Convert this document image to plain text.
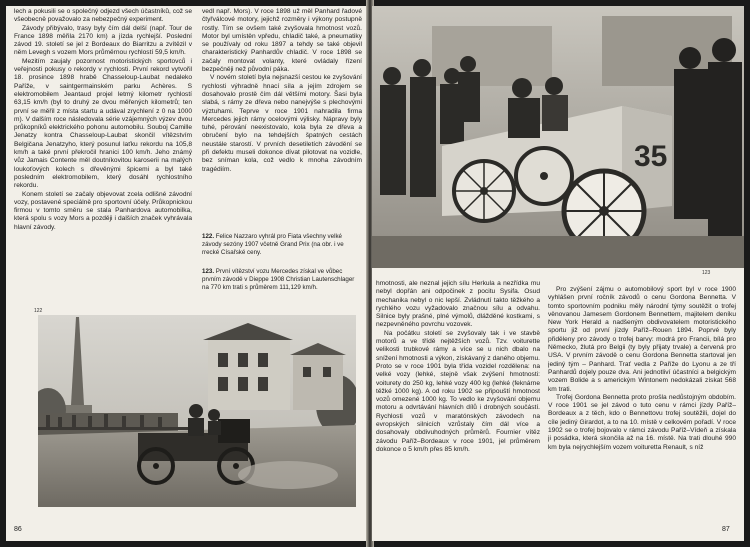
lech a pokusili se o společný odjezd všech účastníků, což se všeobecně považovalo za nebezpečný experiment.

Závody přibývalo, trasy byly čím dál delší (např. Tour de France 1898 měřila 2170 km) a jízda rychlejší. Poslední závod 19. století se jel z Bordeaux do Biarritzu a zvítězil v něm Levegh s vozem Mors průměrnou rychlostí 59,5 km/h.

Mezitím zaujaly pozornost motoristických sportovců i veřejnosti pokusy o rekordy v rychlosti. První rekord vytvořil 18. prosince 1898 hrabě Chasseloup-Laubat nedaleko Paříže, v saintgermainském parku Achères. S elektromobilem Jeantaud projel letmý kilometr rychlostí 63,15 km/h (byl to druhý ze dvou měřených kilometrů; ten první se měřil z místa startu a udával zrychlení z 0 na 1000 m). V dalším roce následovala série vzájemných výzev dvou průkopníků elektrického pohonu automobilu. Souboj Camille Jenatzy kontra Chasseloup-Laubat skončil vítězstvím Belgičana Jenatzyho, který posunul laťku rekordu na 105,8 km/h a také první překročil hranici 100 km/h. Jeho známý vůz Jamais Contente měl doutníkovitou karoserii na malých loukoťových kolech s dřevěnými špicemi a byl také posledním elektromobilem, který dosáhl rychlostního rekordu.

Konem století se začaly objevovat zcela odlišné závodní vozy, postavené speciálně pro sportovní účely. Průkopnickou firmou v tomto směru se stala Panhardova automobilka, která spolu s vozy Mors a později i dalších značek vyhrávala hlavní závody.

vedl např. Mors). V roce 1898 už měl Panhard řadové čtyřválcové motory, jejichž rozměry i výkony postupně rostly. Tím se ovšem také zvyšovala hmotnost vozů. Motor byl umístěn vpředu, chladič také, a pneumatiky se používaly od roku 1897 a tehdy se také objevil charakteristický Panhardův chladič. V roce 1898 se začaly montovat volanty, které ovládaly řízení bezpečněji než původní páka.

V novém století byla nejsnazší cestou ke zvyšování rychlosti výhradně hnací síla a jejím zdrojem se dosahovalo prostě čím dál většími motory. Šasi byla slabá, s rámy ze dřeva nebo nanejvýše s plechovými výztuhami. Teprve v roce 1901 nahradila firma Mercedes jejich rámy ocelovými výlisky. Nápravy byly tuhé, pérování neexistovalo, kola byla ze dřeva a obručení bylo na tehdejších špatných cestách neustále starostí. V prvních desetiletích závodění se při defektu museli dokonce dívat pilotovat na vozidle, bez sníman kola, což vedlo k mnoha závodním tragédiím.

122. Felice Nazzaro vyhrál pro Fiata všechny velké závody sezóny 1907 včetně Grand Prix (na obr. i ve rrecké Císařské ceny.
123. První vítězství vozu Mercedes získal ve vůbec prvním závodě v Dieppe 1908 Christian Lautenschlager na 770 km trati s průměrem 111,129 km/h.
122
86
35
123

hmotnosti, ale neznal jejich sílu Herkula a nezřídka mu nebyl dopřán ani odpočinek z pocitu Sysifa. Osud mechanika nebyl o nic lepší. Zvládnutí takto těžkého a rychlého vozu vyžadovalo značnou sílu a odvahu. Silnice byly prašné, plné výmolů, dlážděné kostkami, s nezpevněného povrchu vozovek.

Na počátku století se zvyšovaly tak i ve stavbě motorů a ve třídě nejtěžších vozů. Tzv. voiturette velikosti trubkové rámy a více se u nich dbalo na snížení hmotnosti a výkon, získávaný z daného objemu. Proto se v roce 1901 byla třída vozidel rozdělena: na velké vozy (lehké, stejně však zvýšení hmotnosti: voiturety do 250 kg, lehké vozy 400 kg (lehké (feknárne těžké 1000 kg). A od roku 1902 se připouští hmotnost vozů omezené 1000 kg. To vedlo ke zvyšování objemu motoru a odvrtávání hlavních dílů i drobných součástí. Rychlosti vozů v maratónských závodech na evropských silnicích vzrůstaly čím dál více a dosahovaly obdivuhodných průměrů. Fournier vítěz závodu Paříž–Bordeaux v roce 1901, jel průměrem dokonce o 5 km/h přes 85 km/h.

Pro zvýšení zájmu o automobilový sport byl v roce 1900 vyhlášen první ročník závodů o cenu Gordona Bennetta. V tomto sportovním podniku měly národní týmy soutěžit o trofej věnovanou Jamesem Gordonem Bennettem, majitelem deníku New York Herald a nadšeným obdivovatelem motoristického sportu již od první jízdy Paříž–Rouen 1894. Poprvé byly přiděleny pro závody o trofej barvy: modrá pro Francii, bílá pro Německo, žlutá pro Belgii (ty byly přijaty trvale) a červená pro USA. V prvním závodě o cenu Gordona Bennetta startoval jen jediný tým – Panhard. Trať vedla z Paříže do Lyonu a ze tří Panhardů dojely pouze dva. Ani jednotliví účastníci a belgickým vozem Bolide a s americkým Wintonem nedokázali získat 568 km trati.

Trofej Gordona Bennetta proto prošla nedůstojným obdobím. V roce 1901 se jel závod o tuto cenu v rámci jízdy Paříž–Bordeaux a z těch, kdo o Bennettovu trofej soutěžili, dojel do cíle jediný Girardot, a to na 10. místě v celkovém pořadí. V roce 1902 se o trofej bojovalo v rámci závodu Paříž–Vídeň a získala ji posádka, která skončila až na 16. místě. Na trati dlouhé 990 km byla nejrychlejším vozem voituretta Renault, s níž

87
